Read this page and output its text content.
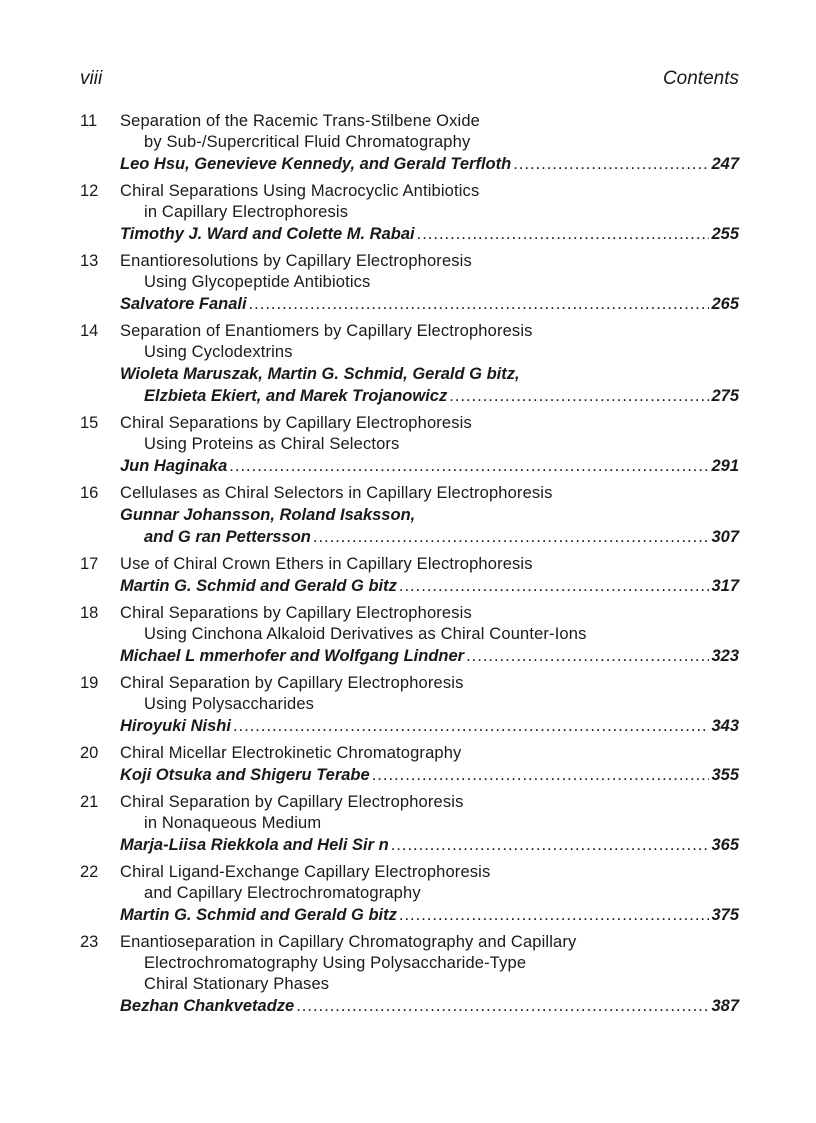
viii	Contents
11	Separation of the Racemic Trans-Stilbene Oxide
by Sub-/Supercritical Fluid Chromatography
Leo Hsu, Genevieve Kennedy, and Gerald Terfloth .....	247
12	Chiral Separations Using Macrocyclic Antibiotics
in Capillary Electrophoresis
Timothy J. Ward and Colette M. Rabai .....	255
13	Enantioresolutions by Capillary Electrophoresis
Using Glycopeptide Antibiotics
Salvatore Fanali .....	265
14	Separation of Enantiomers by Capillary Electrophoresis
Using Cyclodextrins
Wioleta Maruszak, Martin G. Schmid, Gerald G bitz,
Elzbieta Ekiert, and Marek Trojanowicz .....	275
15	Chiral Separations by Capillary Electrophoresis
Using Proteins as Chiral Selectors
Jun Haginaka .....	291
16	Cellulases as Chiral Selectors in Capillary Electrophoresis
Gunnar Johansson, Roland Isaksson,
and G ran Pettersson .....	307
17	Use of Chiral Crown Ethers in Capillary Electrophoresis
Martin G. Schmid and Gerald G bitz .....	317
18	Chiral Separations by Capillary Electrophoresis
Using Cinchona Alkaloid Derivatives as Chiral Counter-Ions
Michael L mmerhofer and Wolfgang Lindner .....	323
19	Chiral Separation by Capillary Electrophoresis
Using Polysaccharides
Hiroyuki Nishi .....	343
20	Chiral Micellar Electrokinetic Chromatography
Koji Otsuka and Shigeru Terabe .....	355
21	Chiral Separation by Capillary Electrophoresis
in Nonaqueous Medium
Marja-Liisa Riekkola and Heli Sir n .....	365
22	Chiral Ligand-Exchange Capillary Electrophoresis
and Capillary Electrochromatography
Martin G. Schmid and Gerald G bitz .....	375
23	Enantioseparation in Capillary Chromatography and Capillary
Electrochromatography Using Polysaccharide-Type
Chiral Stationary Phases
Bezhan Chankvetadze .....	387
